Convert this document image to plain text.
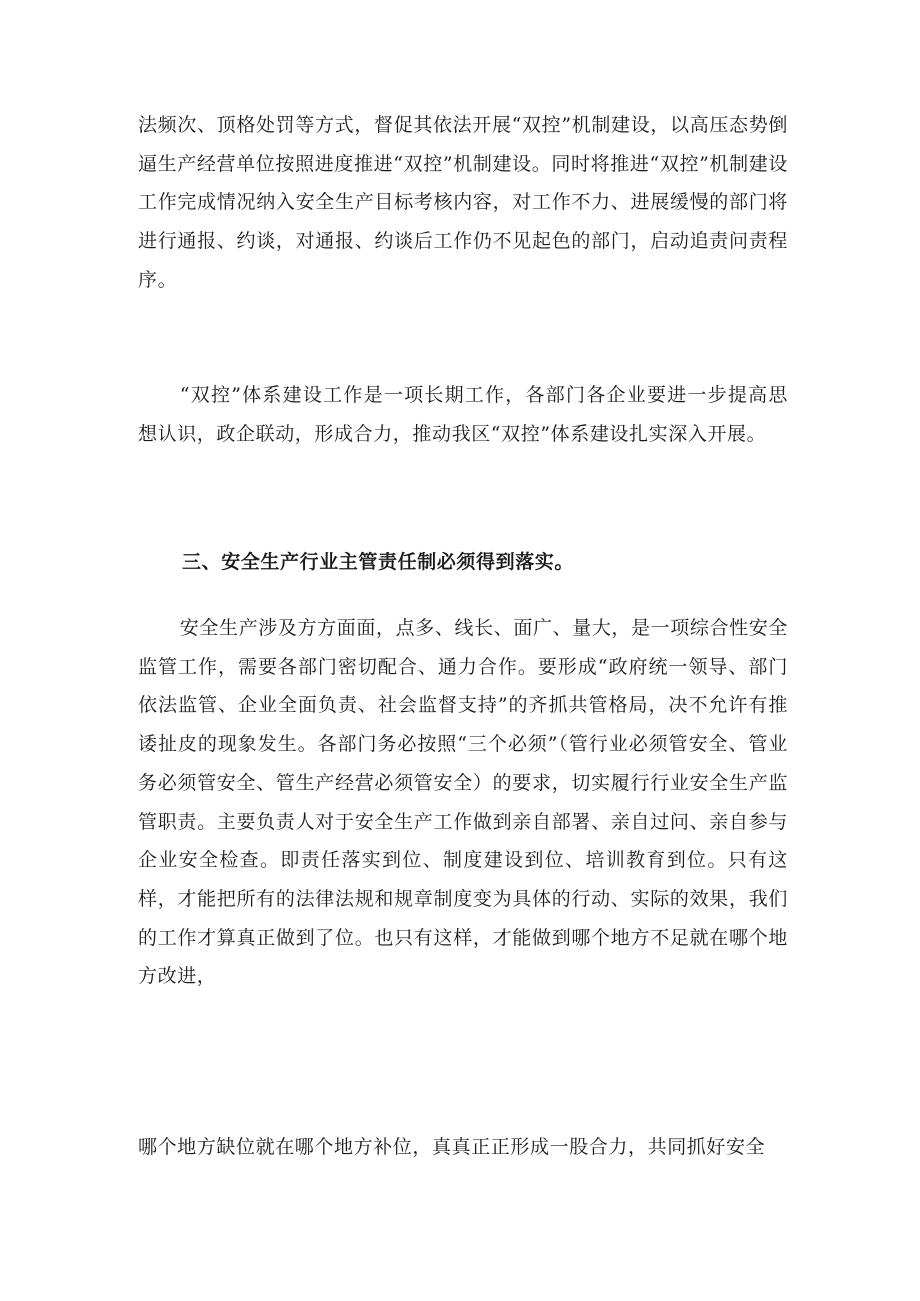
法频次、顶格处罚等方式，督促其依法开展“双控”机制建设，以高压态势倒逼生产经营单位按照进度推进“双控”机制建设。同时将推进“双控”机制建设工作完成情况纳入安全生产目标考核内容，对工作不力、进展缓慢的部门将进行通报、约谈，对通报、约谈后工作仍不见起色的部门，启动追责问责程序。

“双控”体系建设工作是一项长期工作，各部门各企业要进一步提高思想认识，政企联动，形成合力，推动我区“双控”体系建设扎实深入开展。

三、安全生产行业主管责任制必须得到落实。

安全生产涉及方方面面，点多、线长、面广、量大，是一项综合性安全监管工作，需要各部门密切配合、通力合作。要形成“政府统一领导、部门依法监管、企业全面负责、社会监督支持”的齐抓共管格局，决不允许有推诿扯皮的现象发生。各部门务必按照“三个必须”（管行业必须管安全、管业务必须管安全、管生产经营必须管安全）的要求，切实履行行业安全生产监管职责。主要负责人对于安全生产工作做到亲自部署、亲自过问、亲自参与企业安全检查。即责任落实到位、制度建设到位、培训教育到位。只有这样，才能把所有的法律法规和规章制度变为具体的行动、实际的效果，我们的工作才算真正做到了位。也只有这样，才能做到哪个地方不足就在哪个地方改进，

哪个地方缺位就在哪个地方补位，真真正正形成一股合力，共同抓好安全
